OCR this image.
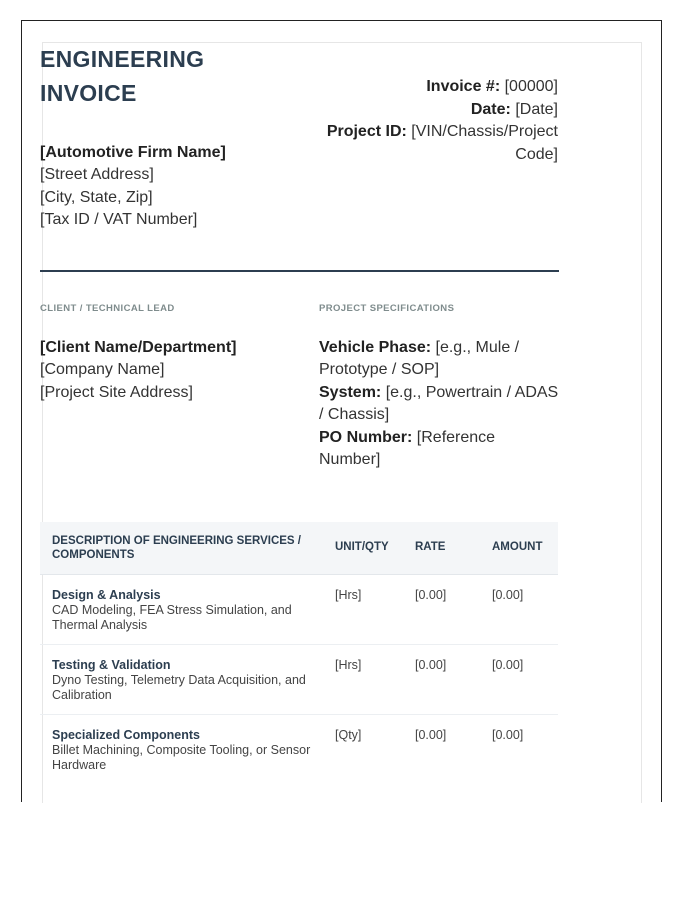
ENGINEERING INVOICE
[Automotive Firm Name]
[Street Address]
[City, State, Zip]
[Tax ID / VAT Number]
Invoice #: [00000]
Date: [Date]
Project ID: [VIN/Chassis/Project Code]
CLIENT / TECHNICAL LEAD
[Client Name/Department]
[Company Name]
[Project Site Address]
PROJECT SPECIFICATIONS
Vehicle Phase: [e.g., Mule / Prototype / SOP]
System: [e.g., Powertrain / ADAS / Chassis]
PO Number: [Reference Number]
DESCRIPTION OF ENGINEERING SERVICES / COMPONENTS
UNIT/QTY RATE	AMOUNT
Design & Analysis
CAD Modeling, FEA Stress Simulation, and Thermal Analysis
[Hrs]	[0.00]	[0.00]
Testing & Validation
Dyno Testing, Telemetry Data Acquisition, and Calibration
[Hrs]	[0.00]	[0.00]
Specialized Components
Billet Machining, Composite Tooling, or Sensor Hardware
[Qty]	[0.00]	[0.00]
